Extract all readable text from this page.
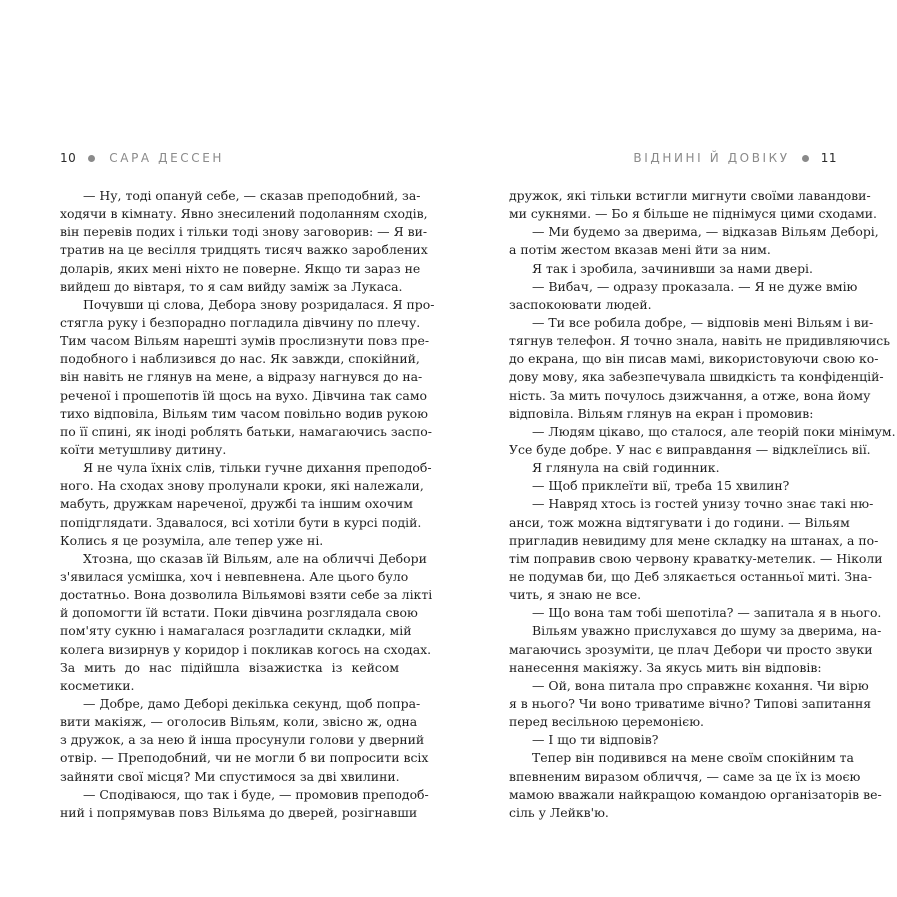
10	САРА ДЕССЕН
— Ну, тоді опануй себе, — сказав преподобний, за-
ходячи в кімнату. Явно знесилений подоланням сходів,
він перевів подих і тільки тоді знову заговорив: — Я ви-
тратив на це весілля тридцять тисяч важко зароблених
доларів, яких мені ніхто не поверне. Якщо ти зараз не
вийдеш до вівтаря, то я сам вийду заміж за Лукаса.
Почувши ці слова, Дебора знову розридалася. Я про-
стягла руку і безпорадно погладила дівчину по плечу.
Тим часом Вільям нарешті зумів прослизнути повз пре-
подобного і наблизився до нас. Як завжди, спокійний,
він навіть не глянув на мене, а відразу нагнувся до на-
реченої і прошепотів їй щось на вухо. Дівчина так само
тихо відповіла, Вільям тим часом повільно водив рукою
по її спині, як іноді роблять батьки, намагаючись заспо-
коїти метушливу дитину.
Я не чула їхніх слів, тільки гучне дихання преподоб-
ного. На сходах знову пролунали кроки, які належали,
мабуть, дружкам нареченої, дружбі та іншим охочим
попідглядати. Здавалося, всі хотіли бути в курсі подій.
Колись я це розуміла, але тепер уже ні.
Хтозна, що сказав їй Вільям, але на обличчі Дебори
з'явилася усмішка, хоч і невпевнена. Але цього було
достатньо. Вона дозволила Вільямові взяти себе за лікті
й допомогти їй встати. Поки дівчина розглядала свою
пом'яту сукню і намагалася розгладити складки, мій
колега визирнув у коридор і покликав когось на сходах.
За мить до нас підійшла візажистка із кейсом
косметики.
— Добре, дамо Деборі декілька секунд, щоб попра-
вити макіяж, — оголосив Вільям, коли, звісно ж, одна
з дружок, а за нею й інша просунули голови у дверний
отвір. — Преподобний, чи не могли б ви попросити всіх
зайняти свої місця? Ми спустимося за дві хвилини.
— Сподіваюся, що так і буде, — промовив преподоб-
ний і попрямував повз Вільяма до дверей, розігнавши
ВІДНИНІ Й ДОВІКУ	11
дружок, які тільки встигли мигнути своїми лавандови-
ми сукнями. — Бо я більше не піднімуся цими сходами.
— Ми будемо за дверима, — відказав Вільям Деборі,
а потім жестом вказав мені йти за ним.
Я так і зробила, зачинивши за нами двері.
— Вибач, — одразу проказала. — Я не дуже вмію
заспокоювати людей.
— Ти все робила добре, — відповів мені Вільям і ви-
тягнув телефон. Я точно знала, навіть не придивляючись
до екрана, що він писав мамі, використовуючи свою ко-
дову мову, яка забезпечувала швидкість та конфіденцій-
ність. За мить почулось дзижчання, а отже, вона йому
відповіла. Вільям глянув на екран і промовив:
— Людям цікаво, що сталося, але теорій поки мінімум.
Усе буде добре. У нас є виправдання — відклеїлись вії.
Я глянула на свій годинник.
— Щоб приклеїти вії, треба 15 хвилин?
— Навряд хтось із гостей унизу точно знає такі ню-
анси, тож можна відтягувати і до години. — Вільям
пригладив невидиму для мене складку на штанах, а по-
тім поправив свою червону краватку-метелик. — Ніколи
не подумав би, що Деб злякається останньої миті. Зна-
чить, я знаю не все.
— Що вона там тобі шепотіла? — запитала я в нього.
Вільям уважно прислухався до шуму за дверима, на-
магаючись зрозуміти, це плач Дебори чи просто звуки
нанесення макіяжу. За якусь мить він відповів:
— Ой, вона питала про справжнє кохання. Чи вірю
я в нього? Чи воно триватиме вічно? Типові запитання
перед весільною церемонією.
— І що ти відповів?
Тепер він подивився на мене своїм спокійним та
впевненим виразом обличчя, — саме за це їх із моєю
мамою вважали найкращою командою організаторів ве-
сіль у Лейкв'ю.
